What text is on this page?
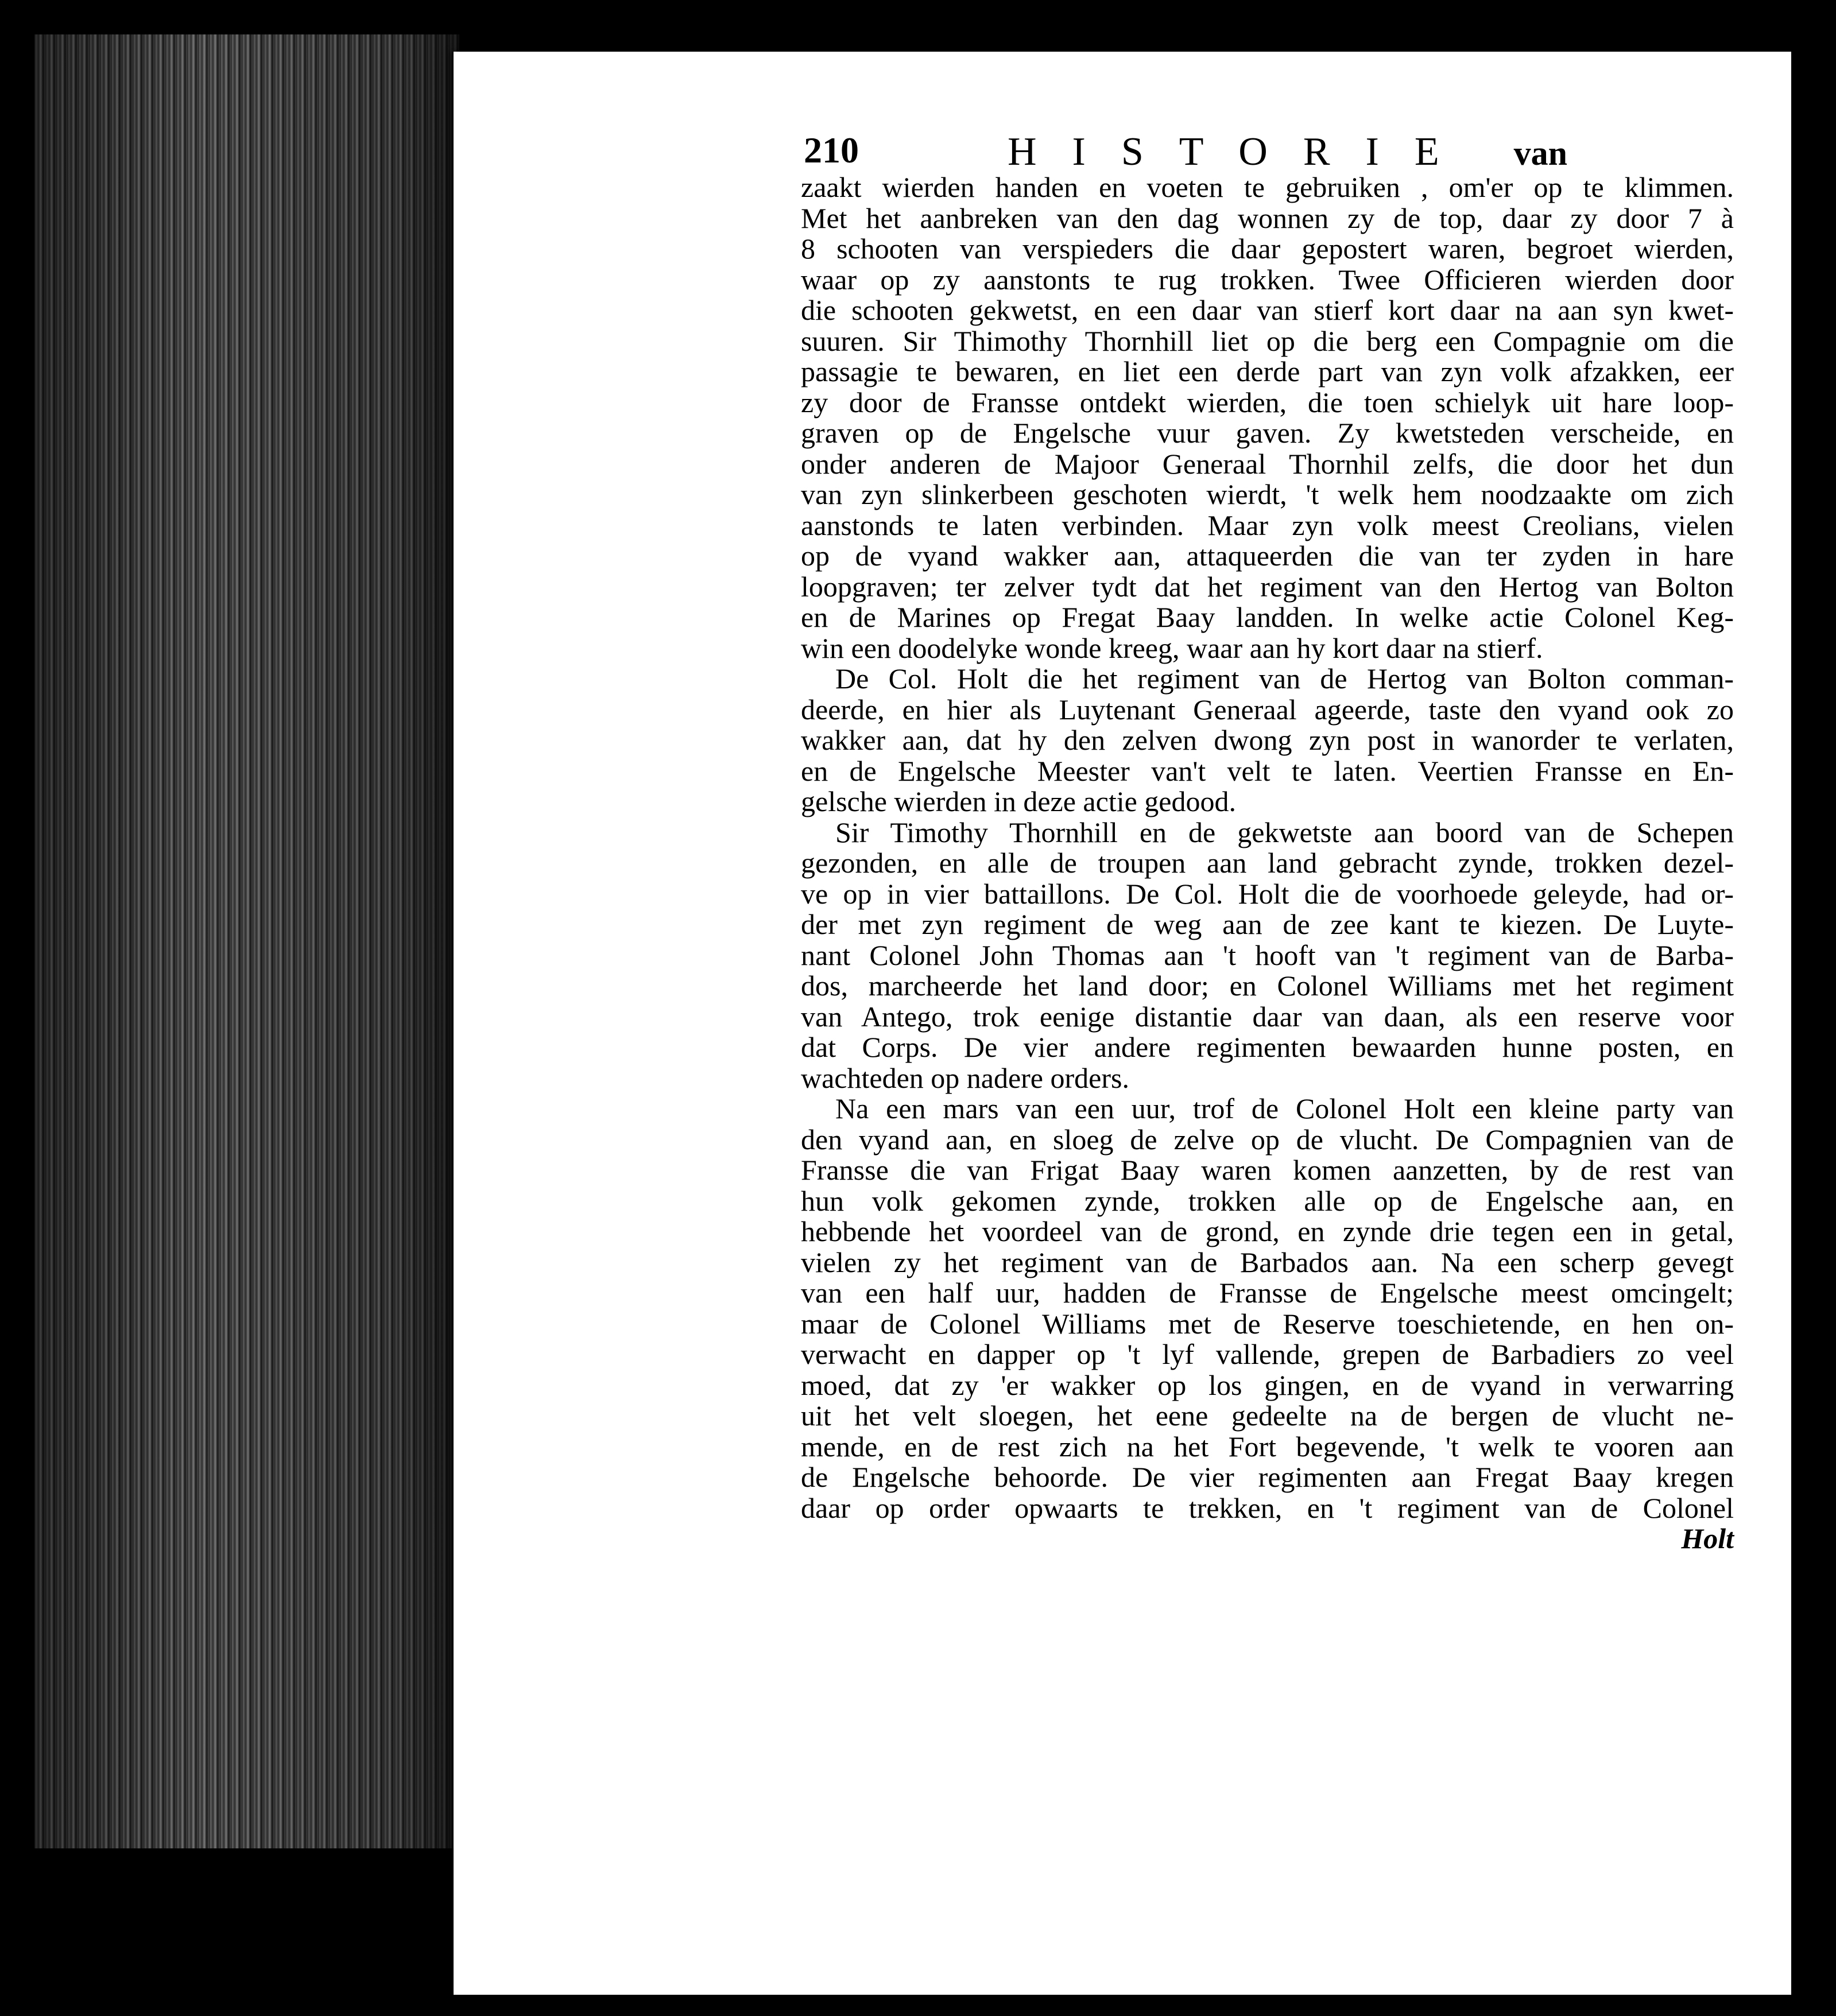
210	HISTORIE van
zaakt wierden handen en voeten te gebruiken , om'er op te klimmen.
Met het aanbreken van den dag wonnen zy de top, daar zy door 7 à
8 schooten van verspieders die daar gepostert waren, begroet wierden,
waar op zy aanstonts te rug trokken. Twee Officieren wierden door
die schooten gekwetst, en een daar van stierf kort daar na aan syn kwet-
suuren. Sir Thimothy Thornhill liet op die berg een Compagnie om die
passagie te bewaren, en liet een derde part van zyn volk afzakken, eer
zy door de Fransse ontdekt wierden, die toen schielyk uit hare loop-
graven op de Engelsche vuur gaven. Zy kwetsteden verscheide, en
onder anderen de Majoor Generaal Thornhil zelfs, die door het dun
van zyn slinkerbeen geschoten wierdt, 't welk hem noodzaakte om zich
aanstonds te laten verbinden. Maar zyn volk meest Creolians, vielen
op de vyand wakker aan, attaqueerden die van ter zyden in hare
loopgraven; ter zelver tydt dat het regiment van den Hertog van Bolton
en de Marines op Fregat Baay landden. In welke actie Colonel Keg-
win een doodelyke wonde kreeg, waar aan hy kort daar na stierf.
De Col. Holt die het regiment van de Hertog van Bolton comman-
deerde, en hier als Luytenant Generaal ageerde, taste den vyand ook zo
wakker aan, dat hy den zelven dwong zyn post in wanorder te verlaten,
en de Engelsche Meester van't velt te laten. Veertien Fransse en En-
gelsche wierden in deze actie gedood.
Sir Timothy Thornhill en de gekwetste aan boord van de Schepen
gezonden, en alle de troupen aan land gebracht zynde, trokken dezel-
ve op in vier battaillons. De Col. Holt die de voorhoede geleyde, had or-
der met zyn regiment de weg aan de zee kant te kiezen. De Luyte-
nant Colonel John Thomas aan 't hooft van 't regiment van de Barba-
dos, marcheerde het land door; en Colonel Williams met het regiment
van Antego, trok eenige distantie daar van daan, als een reserve voor
dat Corps. De vier andere regimenten bewaarden hunne posten, en
wachteden op nadere orders.
Na een mars van een uur, trof de Colonel Holt een kleine party van
den vyand aan, en sloeg de zelve op de vlucht. De Compagnien van de
Fransse die van Frigat Baay waren komen aanzetten, by de rest van
hun volk gekomen zynde, trokken alle op de Engelsche aan, en
hebbende het voordeel van de grond, en zynde drie tegen een in getal,
vielen zy het regiment van de Barbados aan. Na een scherp gevegt
van een half uur, hadden de Fransse de Engelsche meest omcingelt;
maar de Colonel Williams met de Reserve toeschietende, en hen on-
verwacht en dapper op 't lyf vallende, grepen de Barbadiers zo veel
moed, dat zy 'er wakker op los gingen, en de vyand in verwarring
uit het velt sloegen, het eene gedeelte na de bergen de vlucht ne-
mende, en de rest zich na het Fort begevende, 't welk te vooren aan
de Engelsche behoorde. De vier regimenten aan Fregat Baay kregen
daar op order opwaarts te trekken, en 't regiment van de Colonel
Holt
